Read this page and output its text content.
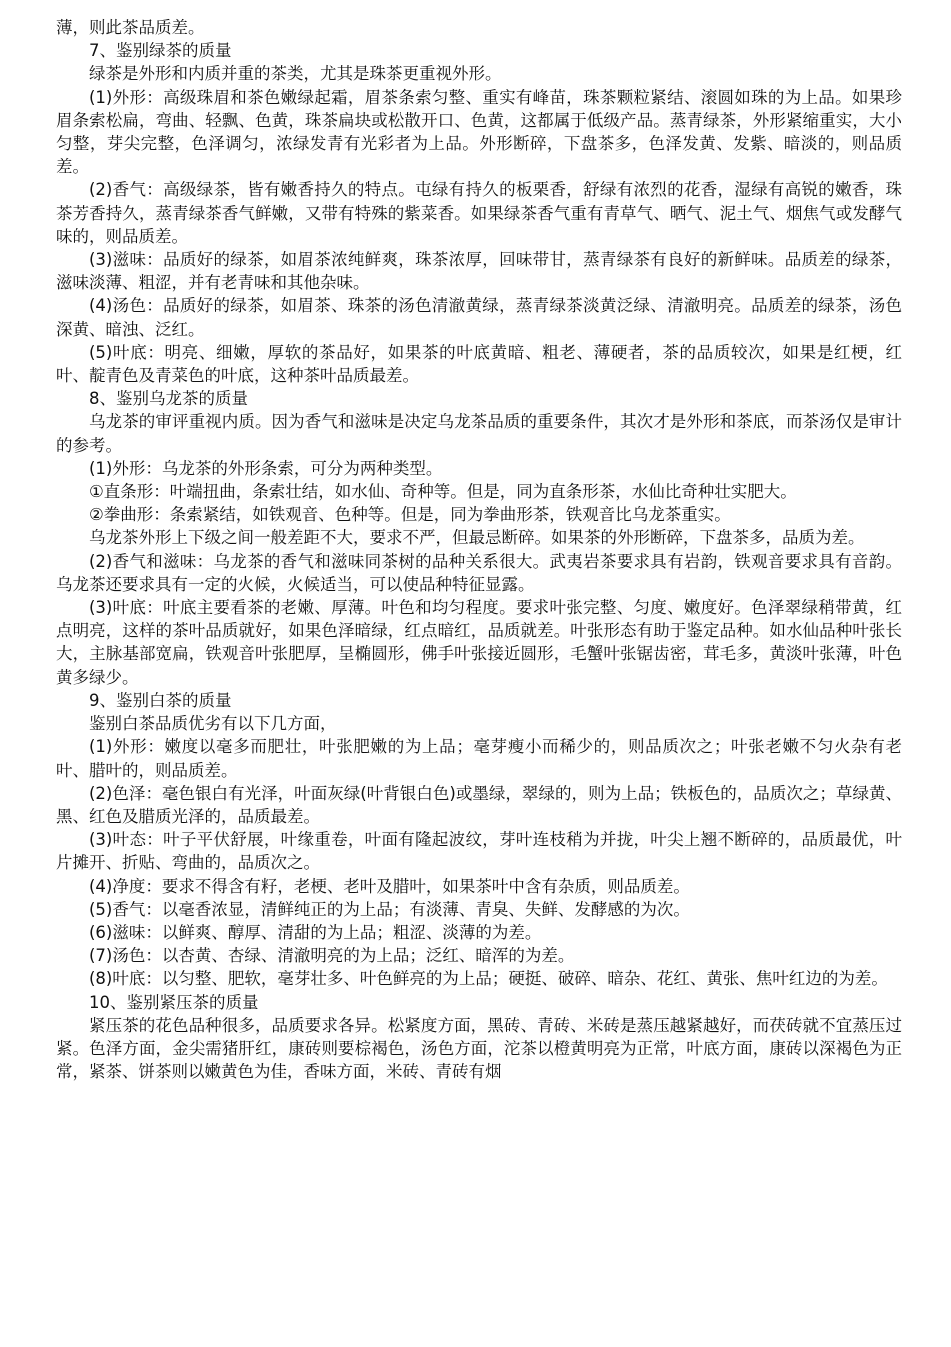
薄，则此茶品质差。

7、鉴别绿茶的质量

绿茶是外形和内质并重的茶类，尤其是珠茶更重视外形。

(1)外形：高级珠眉和茶色嫩绿起霜，眉茶条索匀整、重实有峰苗，珠茶颗粒紧结、滚圆如珠的为上品。如果珍眉条索松扁，弯曲、轻飘、色黄，珠茶扁块或松散开口、色黄，这都属于低级产品。蒸青绿茶，外形紧缩重实，大小匀整，芽尖完整，色泽调匀，浓绿发青有光彩者为上品。外形断碎，下盘茶多，色泽发黄、发紫、暗淡的，则品质差。

(2)香气：高级绿茶，皆有嫩香持久的特点。屯绿有持久的板栗香，舒绿有浓烈的花香，湿绿有高锐的嫩香，珠茶芳香持久，蒸青绿茶香气鲜嫩，又带有特殊的紫菜香。如果绿茶香气重有青草气、晒气、泥土气、烟焦气或发酵气味的，则品质差。

(3)滋味：品质好的绿茶，如眉茶浓纯鲜爽，珠茶浓厚，回味带甘，蒸青绿茶有良好的新鲜味。品质差的绿茶，滋味淡薄、粗涩，并有老青味和其他杂味。

(4)汤色：品质好的绿茶，如眉茶、珠茶的汤色清澈黄绿，蒸青绿茶淡黄泛绿、清澈明亮。品质差的绿茶，汤色深黄、暗浊、泛红。

(5)叶底：明亮、细嫩，厚软的茶品好，如果茶的叶底黄暗、粗老、薄硬者，茶的品质较次，如果是红梗，红叶、靛青色及青菜色的叶底，这种茶叶品质最差。

8、鉴别乌龙茶的质量

乌龙茶的审评重视内质。因为香气和滋味是决定乌龙茶品质的重要条件，其次才是外形和茶底，而茶汤仅是审计的参考。

(1)外形：乌龙茶的外形条索，可分为两种类型。

①直条形：叶端扭曲，条索壮结，如水仙、奇种等。但是，同为直条形茶，水仙比奇种壮实肥大。

②拳曲形：条索紧结，如铁观音、色种等。但是，同为拳曲形茶，铁观音比乌龙茶重实。

乌龙茶外形上下级之间一般差距不大，要求不严，但最忌断碎。如果茶的外形断碎，下盘茶多，品质为差。

(2)香气和滋味：乌龙茶的香气和滋味同茶树的品种关系很大。武夷岩茶要求具有岩韵，铁观音要求具有音韵。乌龙茶还要求具有一定的火候，火候适当，可以使品种特征显露。

(3)叶底：叶底主要看茶的老嫩、厚薄。叶色和均匀程度。要求叶张完整、匀度、嫩度好。色泽翠绿稍带黄，红点明亮，这样的茶叶品质就好，如果色泽暗绿，红点暗红，品质就差。叶张形态有助于鉴定品种。如水仙品种叶张长大，主脉基部宽扁，铁观音叶张肥厚，呈椭圆形，佛手叶张接近圆形，毛蟹叶张锯齿密，茸毛多，黄淡叶张薄，叶色黄多绿少。

9、鉴别白茶的质量

鉴别白茶品质优劣有以下几方面，

(1)外形：嫩度以毫多而肥壮，叶张肥嫩的为上品；毫芽瘦小而稀少的，则品质次之；叶张老嫩不匀火杂有老叶、腊叶的，则品质差。

(2)色泽：毫色银白有光泽，叶面灰绿(叶背银白色)或墨绿，翠绿的，则为上品；铁板色的，品质次之；草绿黄、黑、红色及腊质光泽的，品质最差。

(3)叶态：叶子平伏舒展，叶缘重卷，叶面有隆起波纹，芽叶连枝稍为并拢，叶尖上翘不断碎的，品质最优，叶片摊开、折贴、弯曲的，品质次之。

(4)净度：要求不得含有籽，老梗、老叶及腊叶，如果茶叶中含有杂质，则品质差。

(5)香气：以毫香浓显，清鲜纯正的为上品；有淡薄、青臭、失鲜、发酵感的为次。

(6)滋味：以鲜爽、醇厚、清甜的为上品；粗涩、淡薄的为差。

(7)汤色：以杏黄、杏绿、清澈明亮的为上品；泛红、暗浑的为差。

(8)叶底：以匀整、肥软，毫芽壮多、叶色鲜亮的为上品；硬挺、破碎、暗杂、花红、黄张、焦叶红边的为差。

10、鉴别紧压茶的质量

紧压茶的花色品种很多，品质要求各异。松紧度方面，黑砖、青砖、米砖是蒸压越紧越好，而茯砖就不宜蒸压过紧。色泽方面，金尖需猪肝红，康砖则要棕褐色，汤色方面，沱茶以橙黄明亮为正常，叶底方面，康砖以深褐色为正常，紧茶、饼茶则以嫩黄色为佳，香味方面，米砖、青砖有烟
